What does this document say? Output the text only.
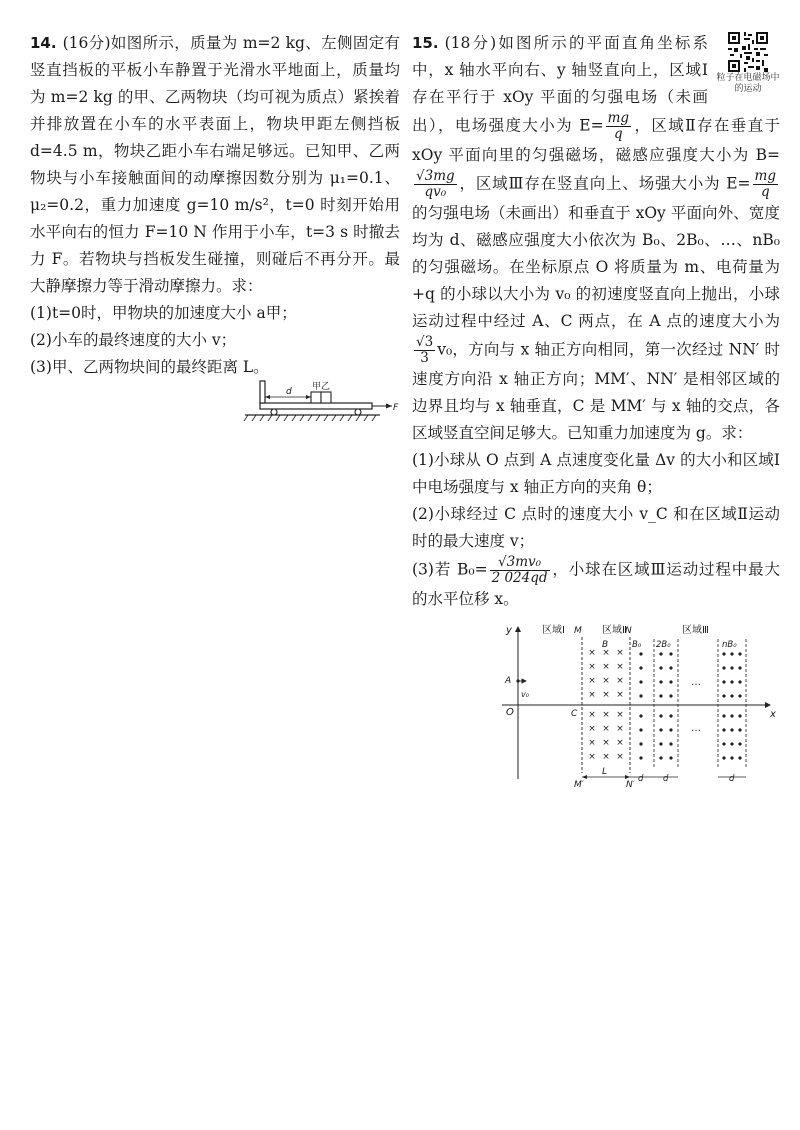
14. (16分)如图所示，质量为 m=2 kg、左侧固定有竖直挡板的平板小车静置于光滑水平地面上，质量均为 m=2 kg 的甲、乙两物块（均可视为质点）紧挨着并排放置在小车的水平表面上，物块甲距左侧挡板 d=4.5 m，物块乙距小车右端足够远。已知甲、乙两物块与小车接触面间的动摩擦因数分别为 μ₁=0.1、μ₂=0.2，重力加速度 g=10 m/s²，t=0 时刻开始用水平向右的恒力 F=10 N 作用于小车，t=3 s 时撤去力 F。若物块与挡板发生碰撞，则碰后不再分开。最大静摩擦力等于滑动摩擦力。求：

(1)t=0时，甲物块的加速度大小 a甲；

(2)小车的最终速度的大小 v；

(3)甲、乙两物块间的最终距离 L。

甲乙
d
F
粒子在电磁场中的运动

15. (18分)如图所示的平面直角坐标系中，x 轴水平向右、y 轴竖直向上，区域Ⅰ存在平行于 xOy 平面的匀强电场（未画出），电场强度大小为 $E= \frac{mg}{q}$ ，区域Ⅱ存在垂直于 xOy 平面向里的匀强磁场，磁感应强度大小为 B=
$\frac{√3mg}{\text{qv₀}}$ ，区域Ⅲ存在竖直向上、场强大小为 $E= \frac{mg}{q}$
的匀强电场（未画出）和垂直于 xOy 平面向外、宽度均为 d、磁感应强度大小依次为 B₀、2B₀、…、nB₀ 的匀强磁场。在坐标原点 O 将质量为 m、电荷量为 +q 的小球以大小为 v₀ 的初速度竖直向上抛出，小球运动过程中经过 A、C 两点，在 A 点的速度大小为
$\frac{√3}{3} v_0$，方向与 x 轴正方向相同，第一次经过 NN′ 时速度方向沿 x 轴正方向；MM′、NN′ 是相邻区域的边界且均与 x 轴垂直，C 是 MM′ 与 x 轴的交点，各区域竖直空间足够大。已知重力加速度为 g。求：

(1)小球从 O 点到 A 点速度变化量 Δv 的大小和区域Ⅰ中电场强度与 x 轴正方向的夹角 θ；

(2)小球经过 C 点时的速度大小 v_C 和在区域Ⅱ运动时的最大速度 v；

(3)若 $B_0= \frac{\text{√3mv₀}}{2 024qd}$ ，小球在区域Ⅲ运动过程中最大的水平位移 x。

y
x
O
区域Ⅰ	区域Ⅱ	区域Ⅲ
M	N
M′	N′
C
A
v₀
B
× × ×
× × ×
× × ×
× × ×
× × ×
× × ×
× × ×
× × ×
B₀ 2B₀
…
…
nB₀
L
d d	d
